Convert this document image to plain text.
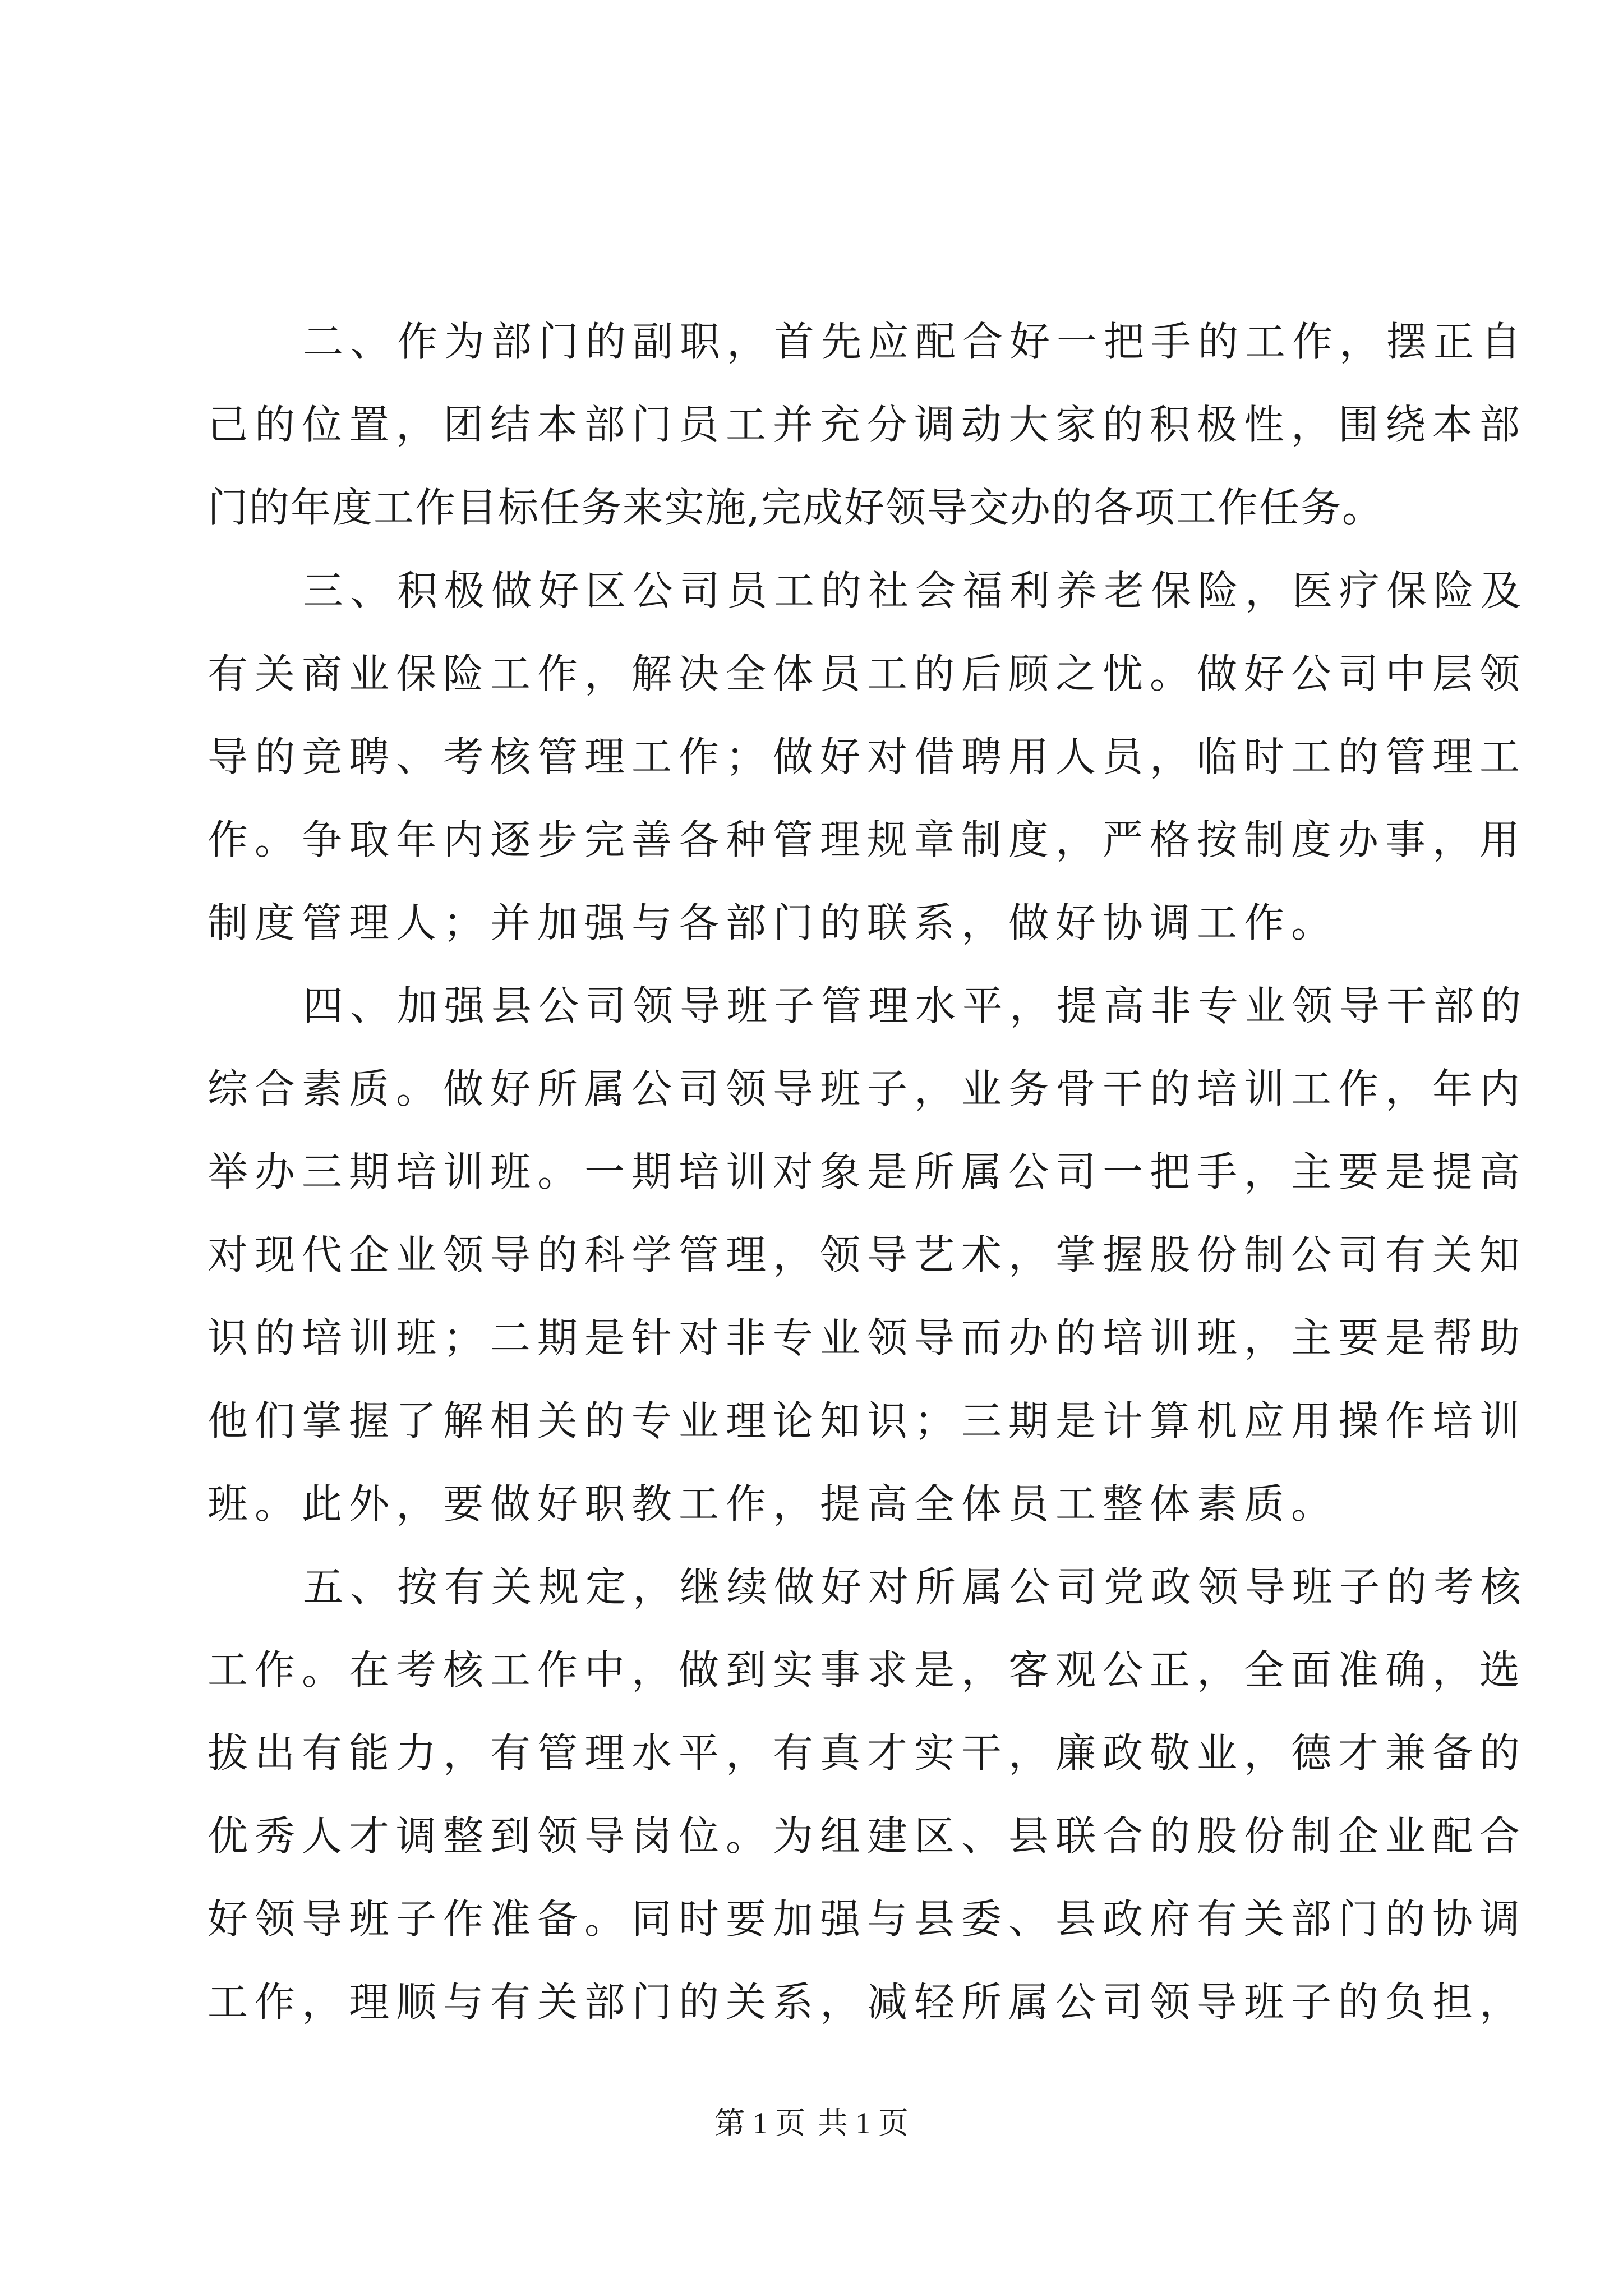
二、作为部门的副职，首先应配合好一把手的工作，摆正自
己的位置，团结本部门员工并充分调动大家的积极性，围绕本部
门的年度工作目标任务来实施,完成好领导交办的各项工作任务。
三、积极做好区公司员工的社会福利养老保险，医疗保险及
有关商业保险工作，解决全体员工的后顾之忧。做好公司中层领
导的竞聘、考核管理工作；做好对借聘用人员，临时工的管理工
作。争取年内逐步完善各种管理规章制度，严格按制度办事，用
制度管理人；并加强与各部门的联系，做好协调工作。
四、加强县公司领导班子管理水平，提高非专业领导干部的
综合素质。做好所属公司领导班子，业务骨干的培训工作，年内
举办三期培训班。一期培训对象是所属公司一把手，主要是提高
对现代企业领导的科学管理，领导艺术，掌握股份制公司有关知
识的培训班；二期是针对非专业领导而办的培训班，主要是帮助
他们掌握了解相关的专业理论知识；三期是计算机应用操作培训
班。此外，要做好职教工作，提高全体员工整体素质。
五、按有关规定，继续做好对所属公司党政领导班子的考核
工作。在考核工作中，做到实事求是，客观公正，全面准确，选
拔出有能力，有管理水平，有真才实干，廉政敬业，德才兼备的
优秀人才调整到领导岗位。为组建区、县联合的股份制企业配合
好领导班子作准备。同时要加强与县委、县政府有关部门的协调
工作，理顺与有关部门的关系，减轻所属公司领导班子的负担，
第 1 页 共 1 页
